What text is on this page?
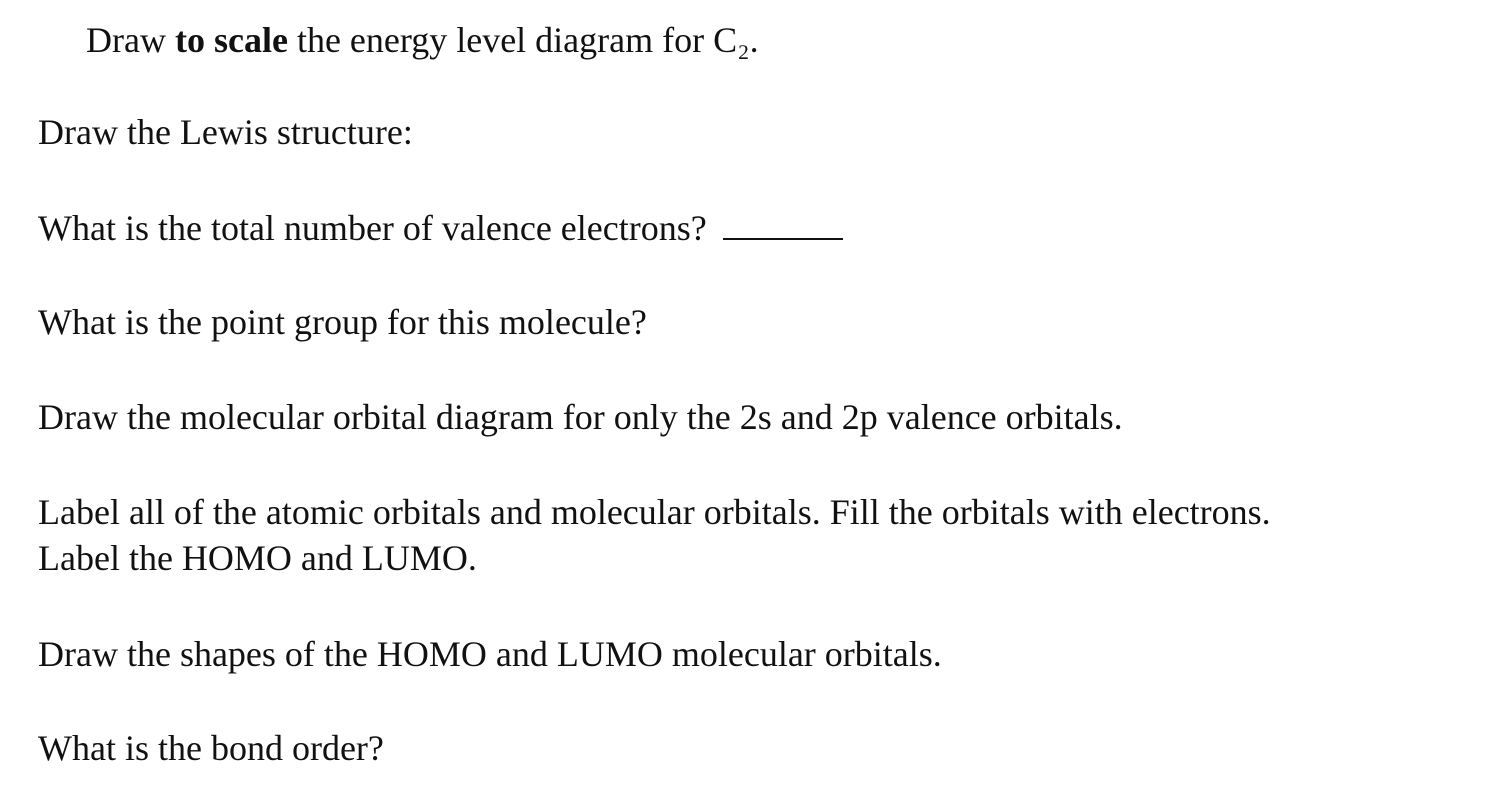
Draw to scale the energy level diagram for C₂.
Draw the Lewis structure:
What is the total number of valence electrons?
What is the point group for this molecule?
Draw the molecular orbital diagram for only the 2s and 2p valence orbitals.
Label all of the atomic orbitals and molecular orbitals. Fill the orbitals with electrons.
Label the HOMO and LUMO.
Draw the shapes of the HOMO and LUMO molecular orbitals.
What is the bond order?
